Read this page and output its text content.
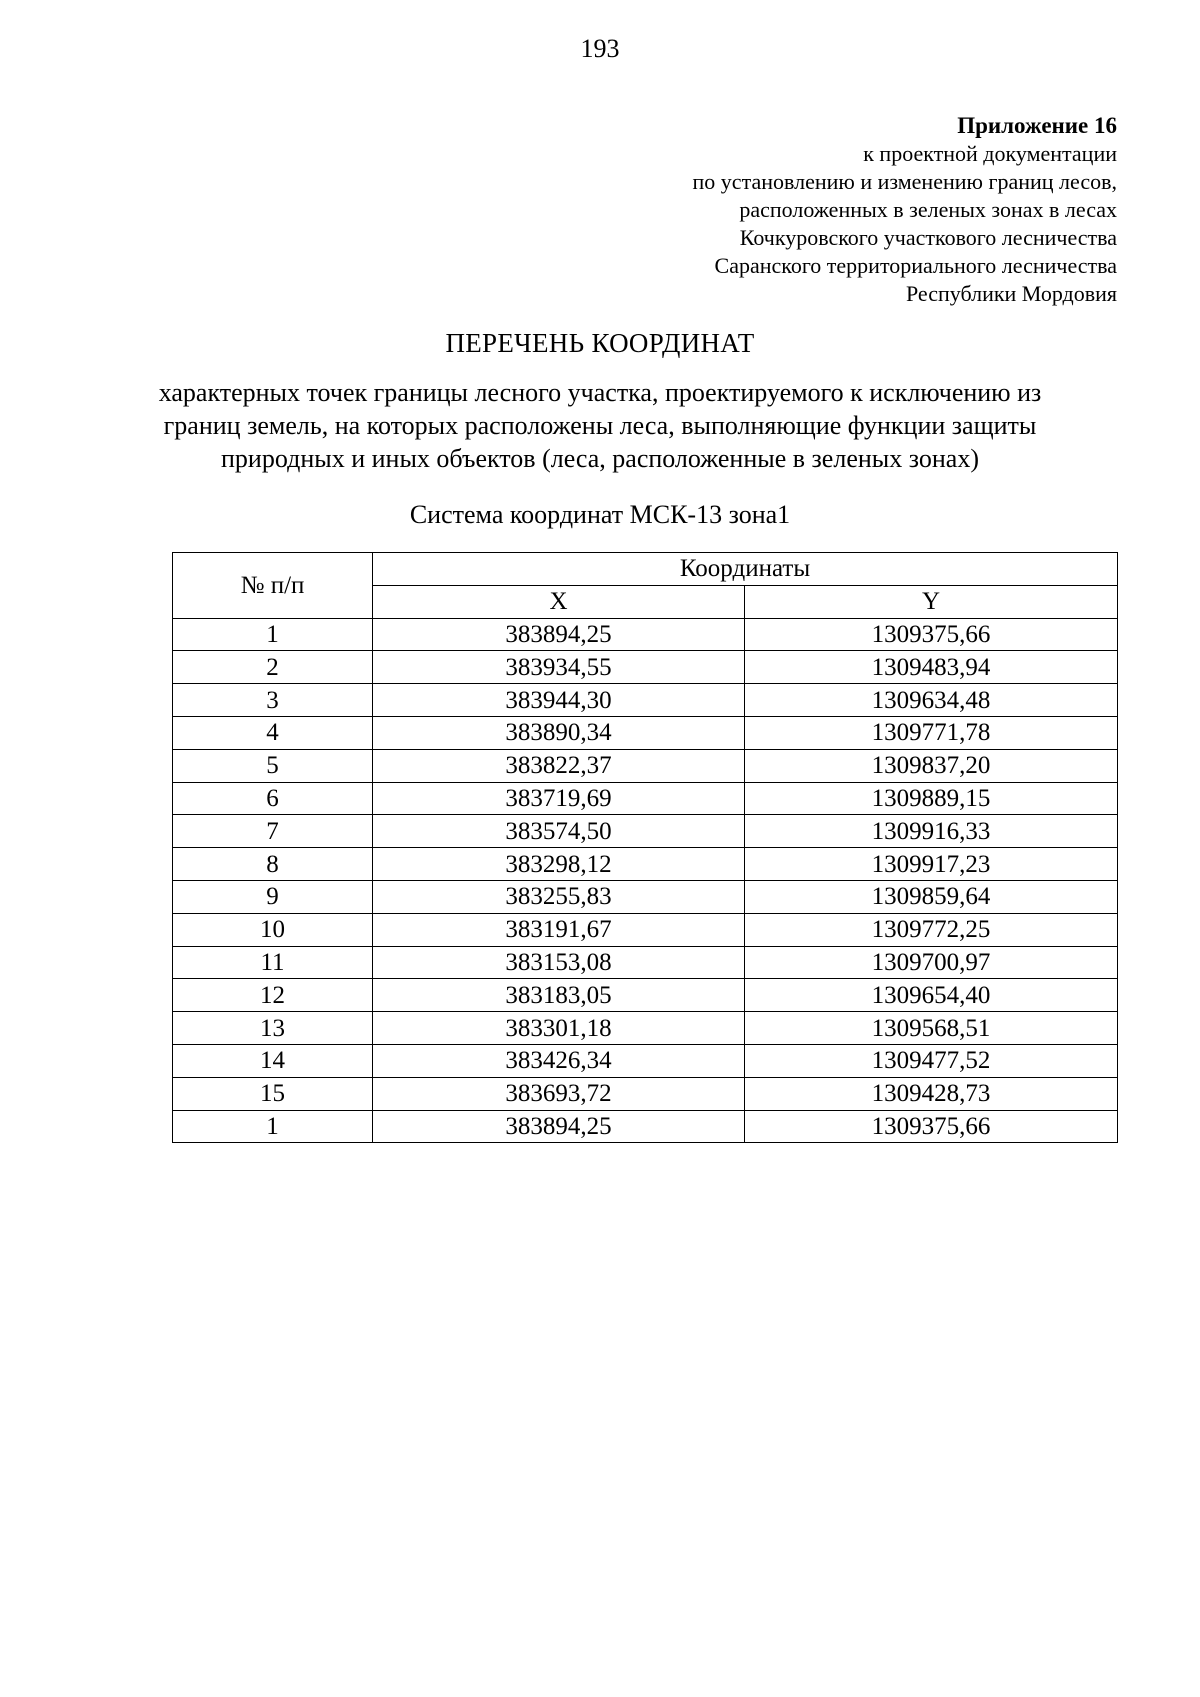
193
Приложение 16
к проектной документации
по установлению и изменению границ лесов,
расположенных в зеленых зонах в лесах
Кочкуровского участкового лесничества
Саранского территориального лесничества
Республики Мордовия
ПЕРЕЧЕНЬ КООРДИНАТ
характерных точек границы лесного участка, проектируемого к исключению из границ земель, на которых расположены леса, выполняющие функции защиты природных и иных объектов (леса, расположенные в зеленых зонах)
Система координат МСК-13 зона1
№ п/п	Координаты	
	X	Y
1	383894,25	1309375,66
2	383934,55	1309483,94
3	383944,30	1309634,48
4	383890,34	1309771,78
5	383822,37	1309837,20
6	383719,69	1309889,15
7	383574,50	1309916,33
8	383298,12	1309917,23
9	383255,83	1309859,64
10	383191,67	1309772,25
11	383153,08	1309700,97
12	383183,05	1309654,40
13	383301,18	1309568,51
14	383426,34	1309477,52
15	383693,72	1309428,73
1	383894,25	1309375,66
